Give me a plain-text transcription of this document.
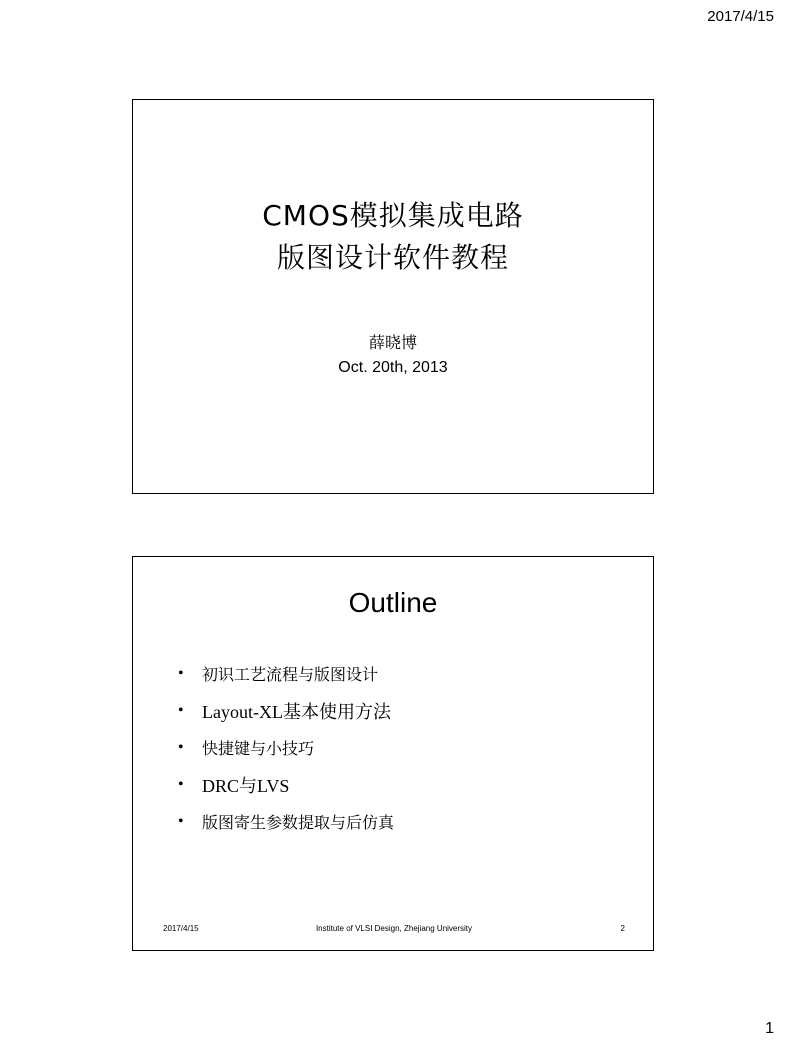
2017/4/15
CMOS模拟集成电路
版图设计软件教程
薛晓博
Oct. 20th, 2013
Outline
•	初识工艺流程与版图设计
•	Layout-XL基本使用方法
•	快捷键与小技巧
•	DRC与LVS
•	版图寄生参数提取与后仿真
2017/4/15	Institute of VLSI Design, Zhejiang University	2
1
